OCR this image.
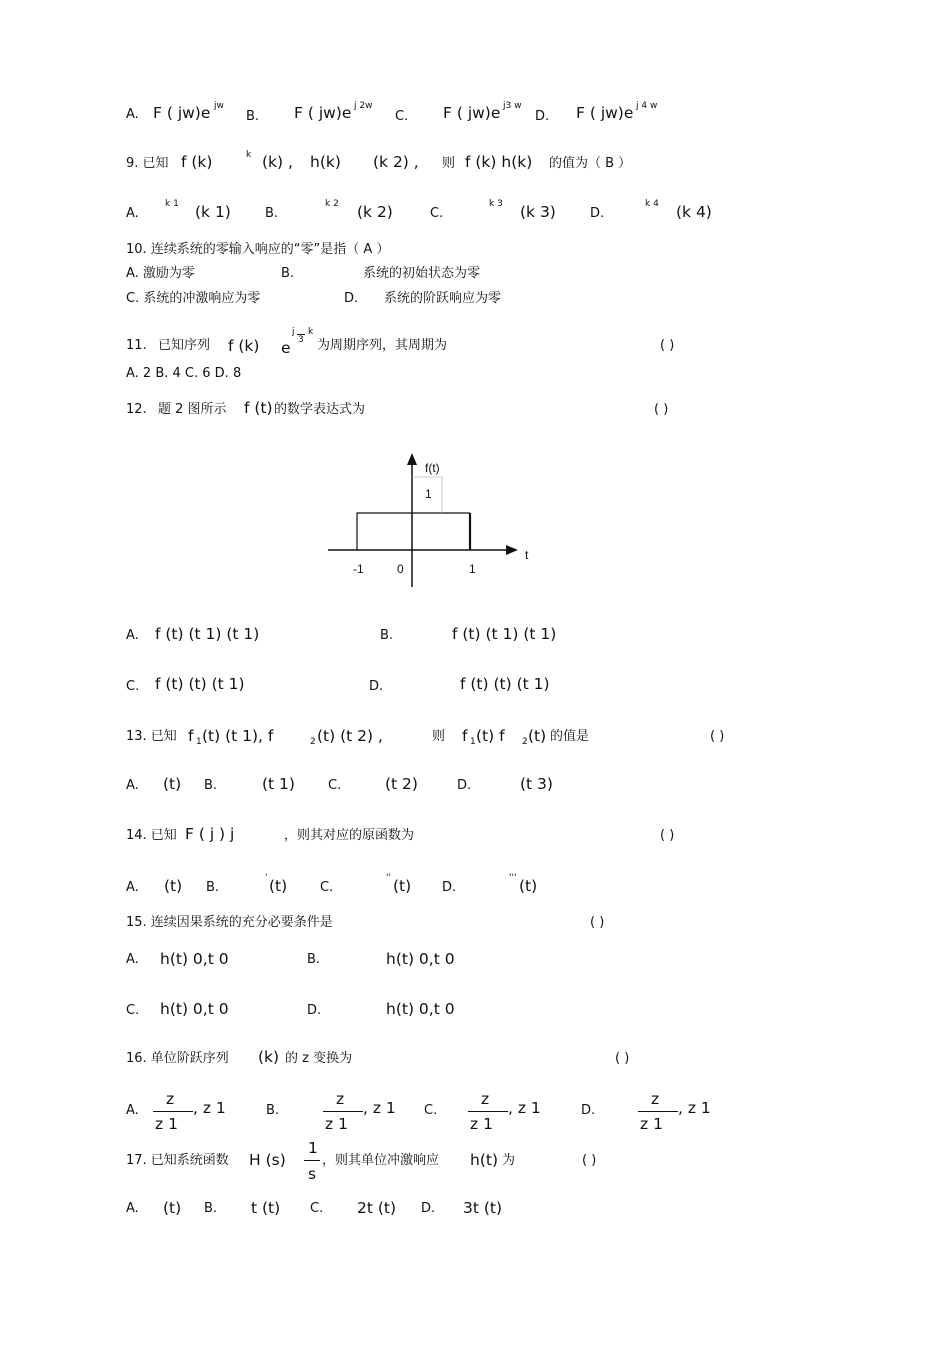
A. F ( jw)e jw
B. F ( jw)e j 2w
C. F ( jw)e j3 w
D. F ( jw)e j 4 w
9. 已知 f (k)	k (k) , h(k) (k 2) , 则 f (k) h(k) 的值为（ B ）
A.
k 1 (k 1)	B.
k 2 (k 2)	C.
k 3 (k 3)	D.
k 4 (k 4)
10. 连续系统的零输入响应的“零”是指（ A ）
A. 激励为零	B.	系统的初始状态为零
C. 系统的冲激响应为零	D. 系统的阶跃响应为零
11. 已知序列 f (k) e
j
3
k
为周期序列，其周期为	( )
A. 2 B. 4 C. 6 D. 8
12. 题 2 图所示 f (t) 的数学表达式为	( )
f(t)
1
t
-1	0	1
A. f (t) (t 1) (t 1)	B.	f (t) (t 1) (t 1)
C. f (t) (t) (t 1)	D.	f (t) (t) (t 1)
13. 已知 f 1 (t) (t 1), f	2 (t) (t 2) ,	则 f 1 (t) f 2 (t) 的值是	( )
A. (t) B.	(t 1)	C.	(t 2)	D.	(t 3)
14. 已知 F ( j ) j	，则其对应的原函数为	( )
A. (t) B.
' (t)	C.
'' (t) D.
''' (t)
15. 连续因果系统的充分必要条件是	( )
A. h(t) 0,t 0	B.	h(t) 0,t 0
C. h(t) 0,t 0	D.	h(t) 0,t 0
16. 单位阶跃序列 (k) 的 z 变换为	( )
A.
z
z 1
, z 1	B.
z
z 1
, z 1 C.
z
z 1
, z 1	D.
z
z 1
, z 1
17. 已知系统函数 H (s)
1
s
，则其单位冲激响应 h(t) 为	( )
A. (t) B. t (t) C. 2t (t) D. 3t (t)
